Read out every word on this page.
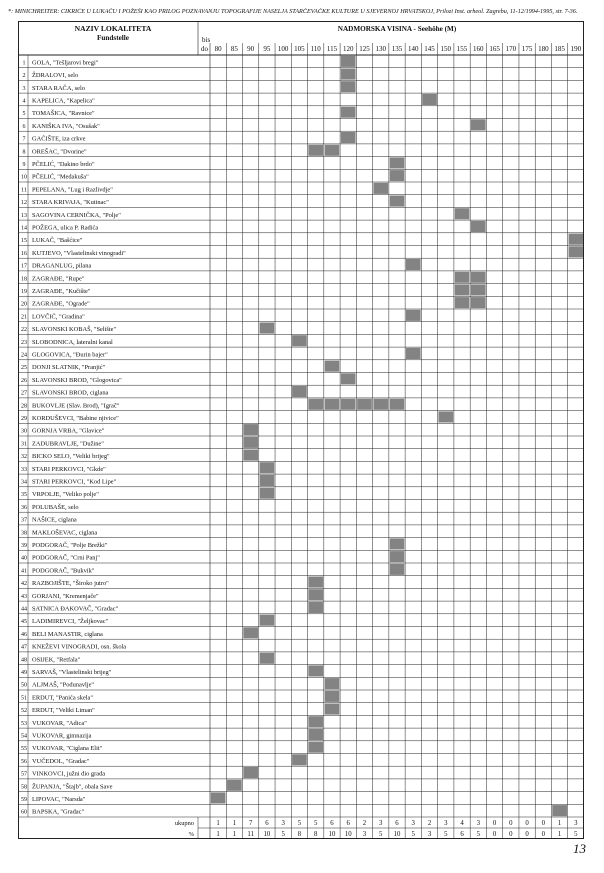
*: MINICHREITER: CIKRIĆE U LUKAČU I POŽEŠI KAO PRILOG POZNAVANJU TOPOGRAFIJE NASELJA STARČEVAČKE KULTURE U SJEVERNOJ HRVATSKOJ, Prilozi Inst. arheol. Zagrebu, 11-12/1994-1995, str. 7-36.
NAZIV LOKALITETA
Fundstelle
NADMORSKA VISINA - Seehöhe (M)
bis
do 80 85 90 95 100 105 110 115 120 125 130 135 140 145 150 155 160 165 170 175 180 185 190
1 GOLA, "Tešljarovi bregi"
2 ŽDRALOVI, selo
3 STARA RAČA, selo
4 KAPELICA, "Kapelica"
5 TOMAŠICA, "Ravnice"
6 KANIŠKA IVA, "Osušak"
7 GAĆIŠTE, iza crkve
8 OREŠAC, "Dvorine"
9 PČELIĆ, "Dakino brdo"
10 PČELIĆ, "Medakuša"
11 PEPELANA, "Lug i Razlivdje"
12 STARA KRIVAJA, "Kutinac"
13 SAGOVINA CERNIČKA, "Polje"
14 POŽEGA, ulica P. Radića
15 LUKAČ, "Bašćice"
16 KUTJEVO, "Vlastelinski vinogradi"
17 DRAGANLUG, pilana
18 ZAGRAĐE, "Rupe"
19 ZAGRAĐE, "Kučište"
20 ZAGRAĐE, "Ograde"
21 LOVČIĆ, "Gradina"
22 SLAVONSKI KOBAŠ, "Selište"
23 SLOBODNICA, lateralni kanal
24 GLOGOVICA, "Đurin bajer"
25 DONJI SLATNIK, "Pranjić"
26 SLAVONSKI BROD, "Glogovica"
27 SLAVONSKI BROD, ciglana
28 BUKOVLJE (Slav. Brod), "Igrač"
29 KORDUŠEVCI, "Babine njivice"
30 GORNJA VRBA, "Glavice"
31 ZADUBRAVLJE, "Dužine"
32 BICKO SELO, "Veliki brijeg"
33 STARI PERKOVCI, "Gkde"
34 STARI PERKOVCI, "Kod Lipe"
35 VRPOLJE, "Veliko polje"
36 POLUBAŠE, selo
37 NAŠICE, ciglana
38 MAKLOŠEVAC, ciglana
39 PODGORAČ, "Polje Brežki"
40 PODGORAČ, "Crni Panj"
41 PODGORAČ, "Bukvik"
42 RAZBOJIŠTE, "Široko jutro"
43 GORJANI, "Kremenjače"
44 SATNICA ĐAKOVAČ, "Gradac"
45 LADIMIREVCI, "Željkovac"
46 BELI MANASTIR, ciglana
47 KNEŽEVI VINOGRADI, osn. škola
48 OSIJEK, "Retfala"
49 SARVAŠ, "Vlastelinski brijeg"
50 ALJMAŠ, "Podunavlje"
51 ERDUT, "Panića skela"
52 ERDUT, "Veliki Liman"
53 VUKOVAR, "Adica"
54 VUKOVAR, gimnazija
55 VUKOVAR, "Ciglana Elit"
56 VUČEDOL, "Gradac"
57 VINKOVCI, južni dio grada
58 ŽUPANJA, "Štajb", obala Save
59 LIPOVAC, "Narsda"
60 BAPSKA, "Gradac"
ukupno
%
1 1 7 6 3 5 5 6 6 2 3 6 3 2 3 4 3 0 0 0 0 1 3
1 1 11 10 5 8 8 10 10 3 5 10 5 3 5 6 5 0 0 0 0 1 5
13
